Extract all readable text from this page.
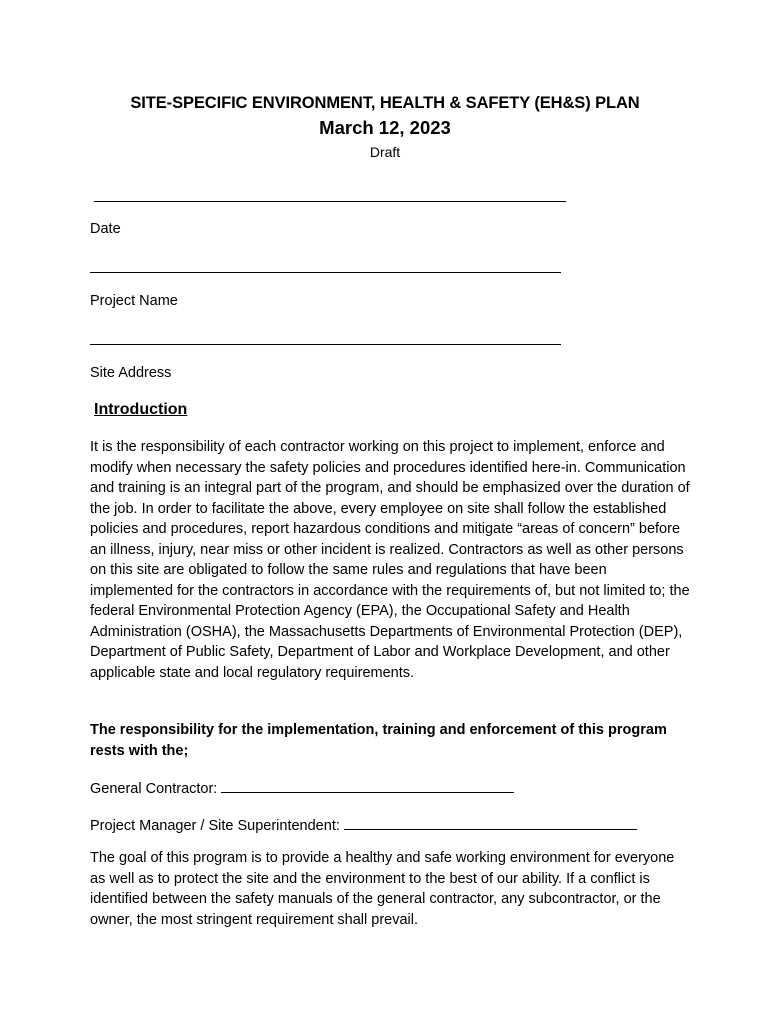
SITE-SPECIFIC ENVIRONMENT, HEALTH & SAFETY (EH&S) PLAN
March 12, 2023
Draft
Date
Project Name
Site Address
Introduction

It is the responsibility of each contractor working on this project to implement, enforce and modify when necessary the safety policies and procedures identified here-in. Communication and training is an integral part of the program, and should be emphasized over the duration of the job. In order to facilitate the above, every employee on site shall follow the established policies and procedures, report hazardous conditions and mitigate “areas of concern” before an illness, injury, near miss or other incident is realized. Contractors as well as other persons on this site are obligated to follow the same rules and regulations that have been implemented for the contractors in accordance with the requirements of, but not limited to; the federal Environmental Protection Agency (EPA), the Occupational Safety and Health Administration (OSHA), the Massachusetts Departments of Environmental Protection (DEP), Department of Public Safety, Department of Labor and Workplace Development, and other applicable state and local regulatory requirements.

The responsibility for the implementation, training and enforcement of this program rests with the;

General Contractor:
Project Manager / Site Superintendent:

The goal of this program is to provide a healthy and safe working environment for everyone as well as to protect the site and the environment to the best of our ability. If a conflict is identified between the safety manuals of the general contractor, any subcontractor, or the owner, the most stringent requirement shall prevail.
